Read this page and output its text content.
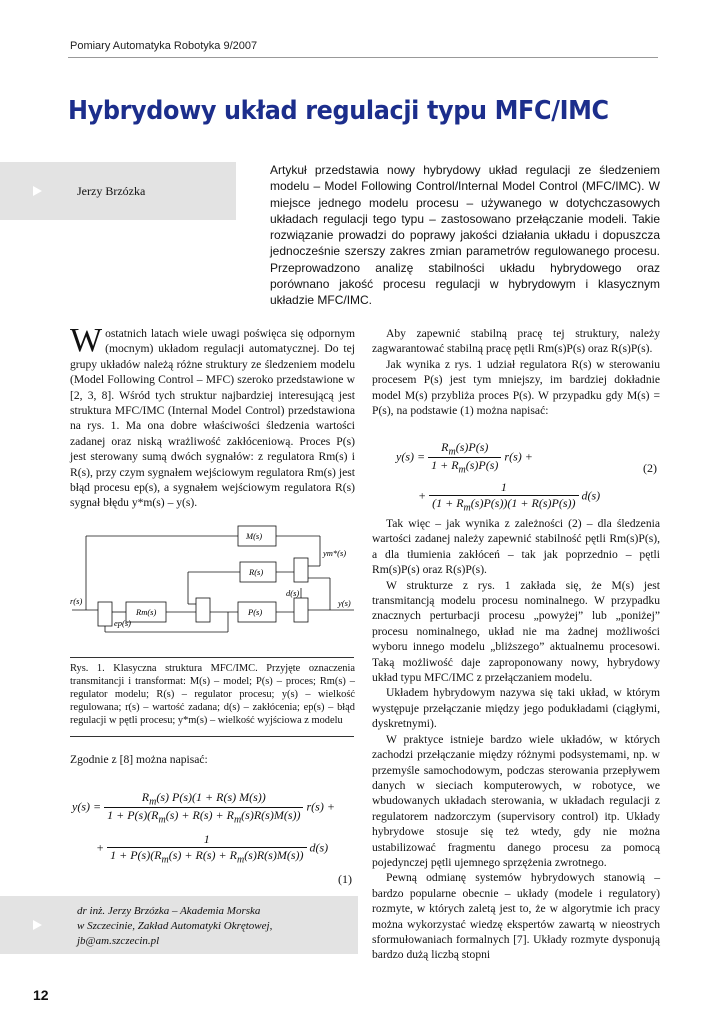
Pomiary Automatyka Robotyka 9/2007
Hybrydowy układ regulacji typu MFC/IMC
Jerzy Brzózka
Artykuł przedstawia nowy hybrydowy układ regulacji ze śledzeniem modelu – Model Following Control/Internal Model Control (MFC/IMC). W miejsce jednego modelu procesu – używanego w dotychczasowych układach regulacji tego typu – zastosowano przełączanie modeli. Takie rozwiązanie prowadzi do poprawy jakości działania układu i dopuszcza jednocześnie szerszy zakres zmian parametrów regulowanego procesu. Przeprowadzono analizę stabilności układu hybrydowego oraz porównano jakość procesu regulacji w hybrydowym i klasycznym układzie MFC/IMC.

Wostatnich latach wiele uwagi poświęca się odpornym (mocnym) układom regulacji automatycznej. Do tej grupy układów należą różne struktury ze śledzeniem modelu (Model Following Control – MFC) szeroko przedstawione w [2, 3, 8]. Wśród tych struktur najbardziej interesującą jest struktura MFC/IMC (Internal Model Control) przedstawiona na rys. 1. Ma ona dobre właściwości śledzenia wartości zadanej oraz niską wrażliwość zakłóceniową. Proces P(s) jest sterowany sumą dwóch sygnałów: z regulatora Rm(s) i R(s), przy czym sygnałem wejściowym regulatora Rm(s) jest błąd procesu ep(s), a sygnałem wejściowym regulatora R(s) sygnał błędu y*m(s) – y(s).

M(s)
R(s)
Rm(s)	P(s)
r(s)	y(s)
d(s)
ym*(s)
ep(s)
Rys. 1. Klasyczna struktura MFC/IMC. Przyjęte oznaczenia transmitancji i transformat: M(s) – model; P(s) – proces; Rm(s) – regulator modelu; R(s) – regulator procesu; y(s) – wielkość regulowana; r(s) – wartość zadana; d(s) – zakłócenia; ep(s) – błąd regulacji w pętli procesu; y*m(s) – wielkość wyjściowa z modelu

Zgodnie z [8] można napisać:

$y(s) = \frac{R_m(s) P(s)(1 + R(s) M(s))}{1 + P(s)(R_m(s) + R(s) + R_m(s)R(s)M(s))} r(s)$ +
+ $\frac{1}{1 + P(s)(R_m(s) + R(s) + R_m(s)R(s)M(s))} d(s)$
(1)
dr inż. Jerzy Brzózka – Akademia Morska
w Szczecinie, Zakład Automatyki Okrętowej,
jb@am.szczecin.pl
12

Aby zapewnić stabilną pracę tej struktury, należy zagwarantować stabilną pracę pętli Rm(s)P(s) oraz R(s)P(s).

Jak wynika z rys. 1 udział regulatora R(s) w sterowaniu procesem P(s) jest tym mniejszy, im bardziej dokładnie model M(s) przybliża proces P(s). W przypadku gdy M(s) = P(s), na podstawie (1) można napisać:

$y(s) = \frac{R_m(s)P(s)}{1 + R_m(s)P(s)} r(s)$ +
+ $\frac{1}{(1 + R_m(s)P(s))(1 + R(s)P(s))} d(s)$
(2)

Tak więc – jak wynika z zależności (2) – dla śledzenia wartości zadanej należy zapewnić stabilność pętli Rm(s)P(s), a dla tłumienia zakłóceń – tak jak poprzednio – pętli Rm(s)P(s) oraz R(s)P(s).

W strukturze z rys. 1 zakłada się, że M(s) jest transmitancją modelu procesu nominalnego. W przypadku znacznych perturbacji procesu „powyżej” lub „poniżej” procesu nominalnego, układ nie ma żadnej możliwości wyboru innego modelu „bliższego” aktualnemu procesowi. Taką możliwość daje zaproponowany nowy, hybrydowy układ typu MFC/IMC z przełączaniem modelu.

Układem hybrydowym nazywa się taki układ, w którym występuje przełączanie między jego podukładami (ciągłymi, dyskretnymi).

W praktyce istnieje bardzo wiele układów, w których zachodzi przełączanie między różnymi podsystemami, np. w przemyśle samochodowym, podczas sterowania przepływem danych w sieciach komputerowych, w robotyce, we wbudowanych układach sterowania, w układach regulacji z regulatorem nadzorczym (supervisory control) itp. Układy hybrydowe stosuje się też wtedy, gdy nie można ustabilizować fragmentu danego procesu za pomocą pojedynczej pętli ujemnego sprzężenia zwrotnego.

Pewną odmianę systemów hybrydowych stanowią – bardzo popularne obecnie – układy (modele i regulatory) rozmyte, w których zaletą jest to, że w algorytmie ich pracy można wykorzystać wiedzę ekspertów zawartą w nieostrych sformułowaniach formalnych [7]. Układy rozmyte dysponują bardzo dużą liczbą stopni
